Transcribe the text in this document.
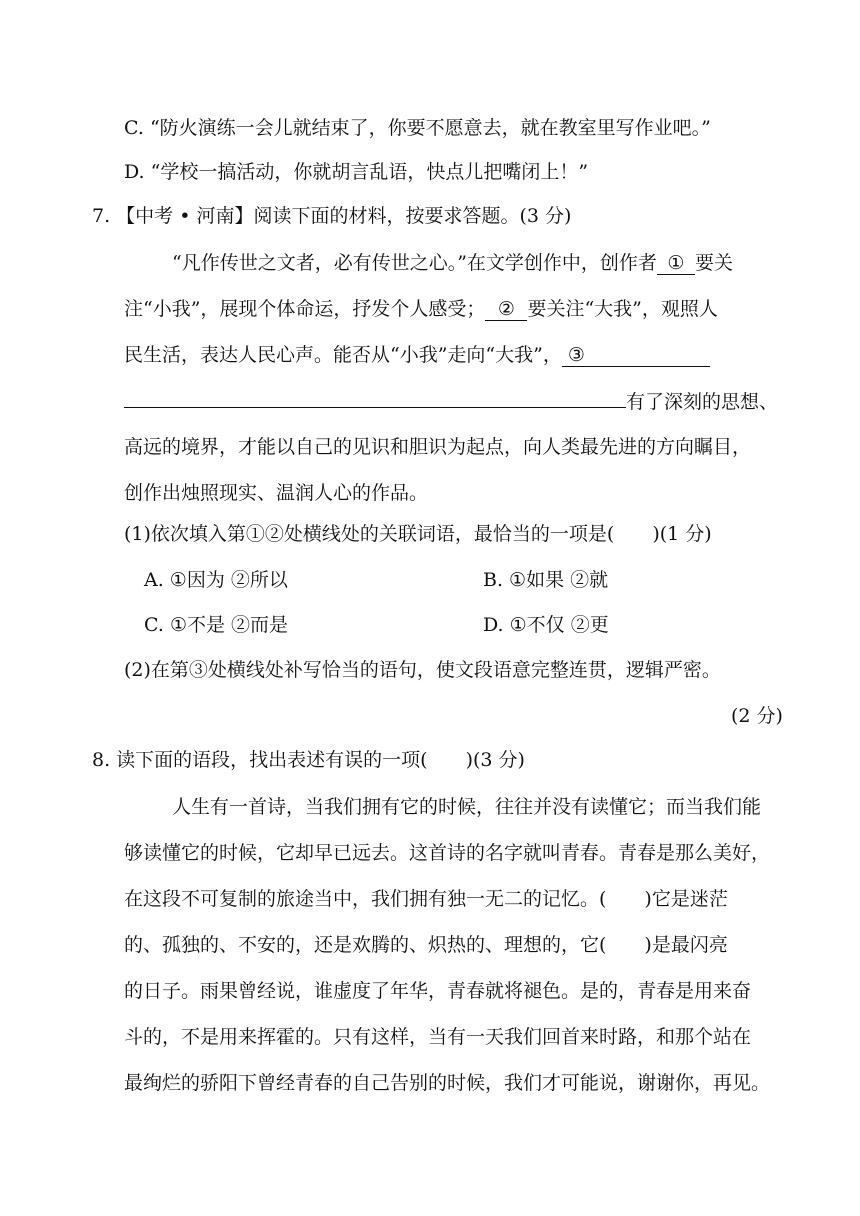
C. “防火演练一会儿就结束了，你要不愿意去，就在教室里写作业吧。”
D. “学校一搞活动，你就胡言乱语，快点儿把嘴闭上！”
7. 【中考 • 河南】阅读下面的材料，按要求答题。(3 分)
“凡作传世之文者，必有传世之心。”在文学创作中，创作者 ① 要关
注“小我”，展现个体命运，抒发个人感受； ② 要关注“大我”，观照人
民生活，表达人民心声。能否从“小我”走向“大我”， ③
有了深刻的思想、
高远的境界，才能以自己的见识和胆识为起点，向人类最先进的方向瞩目，
创作出烛照现实、温润人心的作品。
(1)依次填入第①②处横线处的关联词语，最恰当的一项是(　　)(1 分)
A. ①因为 ②所以	B. ①如果 ②就
C. ①不是 ②而是	D. ①不仅 ②更
(2)在第③处横线处补写恰当的语句，使文段语意完整连贯，逻辑严密。
(2 分)
8. 读下面的语段，找出表述有误的一项(　　)(3 分)
人生有一首诗，当我们拥有它的时候，往往并没有读懂它；而当我们能
够读懂它的时候，它却早已远去。这首诗的名字就叫青春。青春是那么美好，
在这段不可复制的旅途当中，我们拥有独一无二的记忆。(　　)它是迷茫
的、孤独的、不安的，还是欢腾的、炽热的、理想的，它(　　)是最闪亮
的日子。雨果曾经说，谁虚度了年华，青春就将褪色。是的，青春是用来奋
斗的，不是用来挥霍的。只有这样，当有一天我们回首来时路，和那个站在
最绚烂的骄阳下曾经青春的自己告别的时候，我们才可能说，谢谢你，再见。
